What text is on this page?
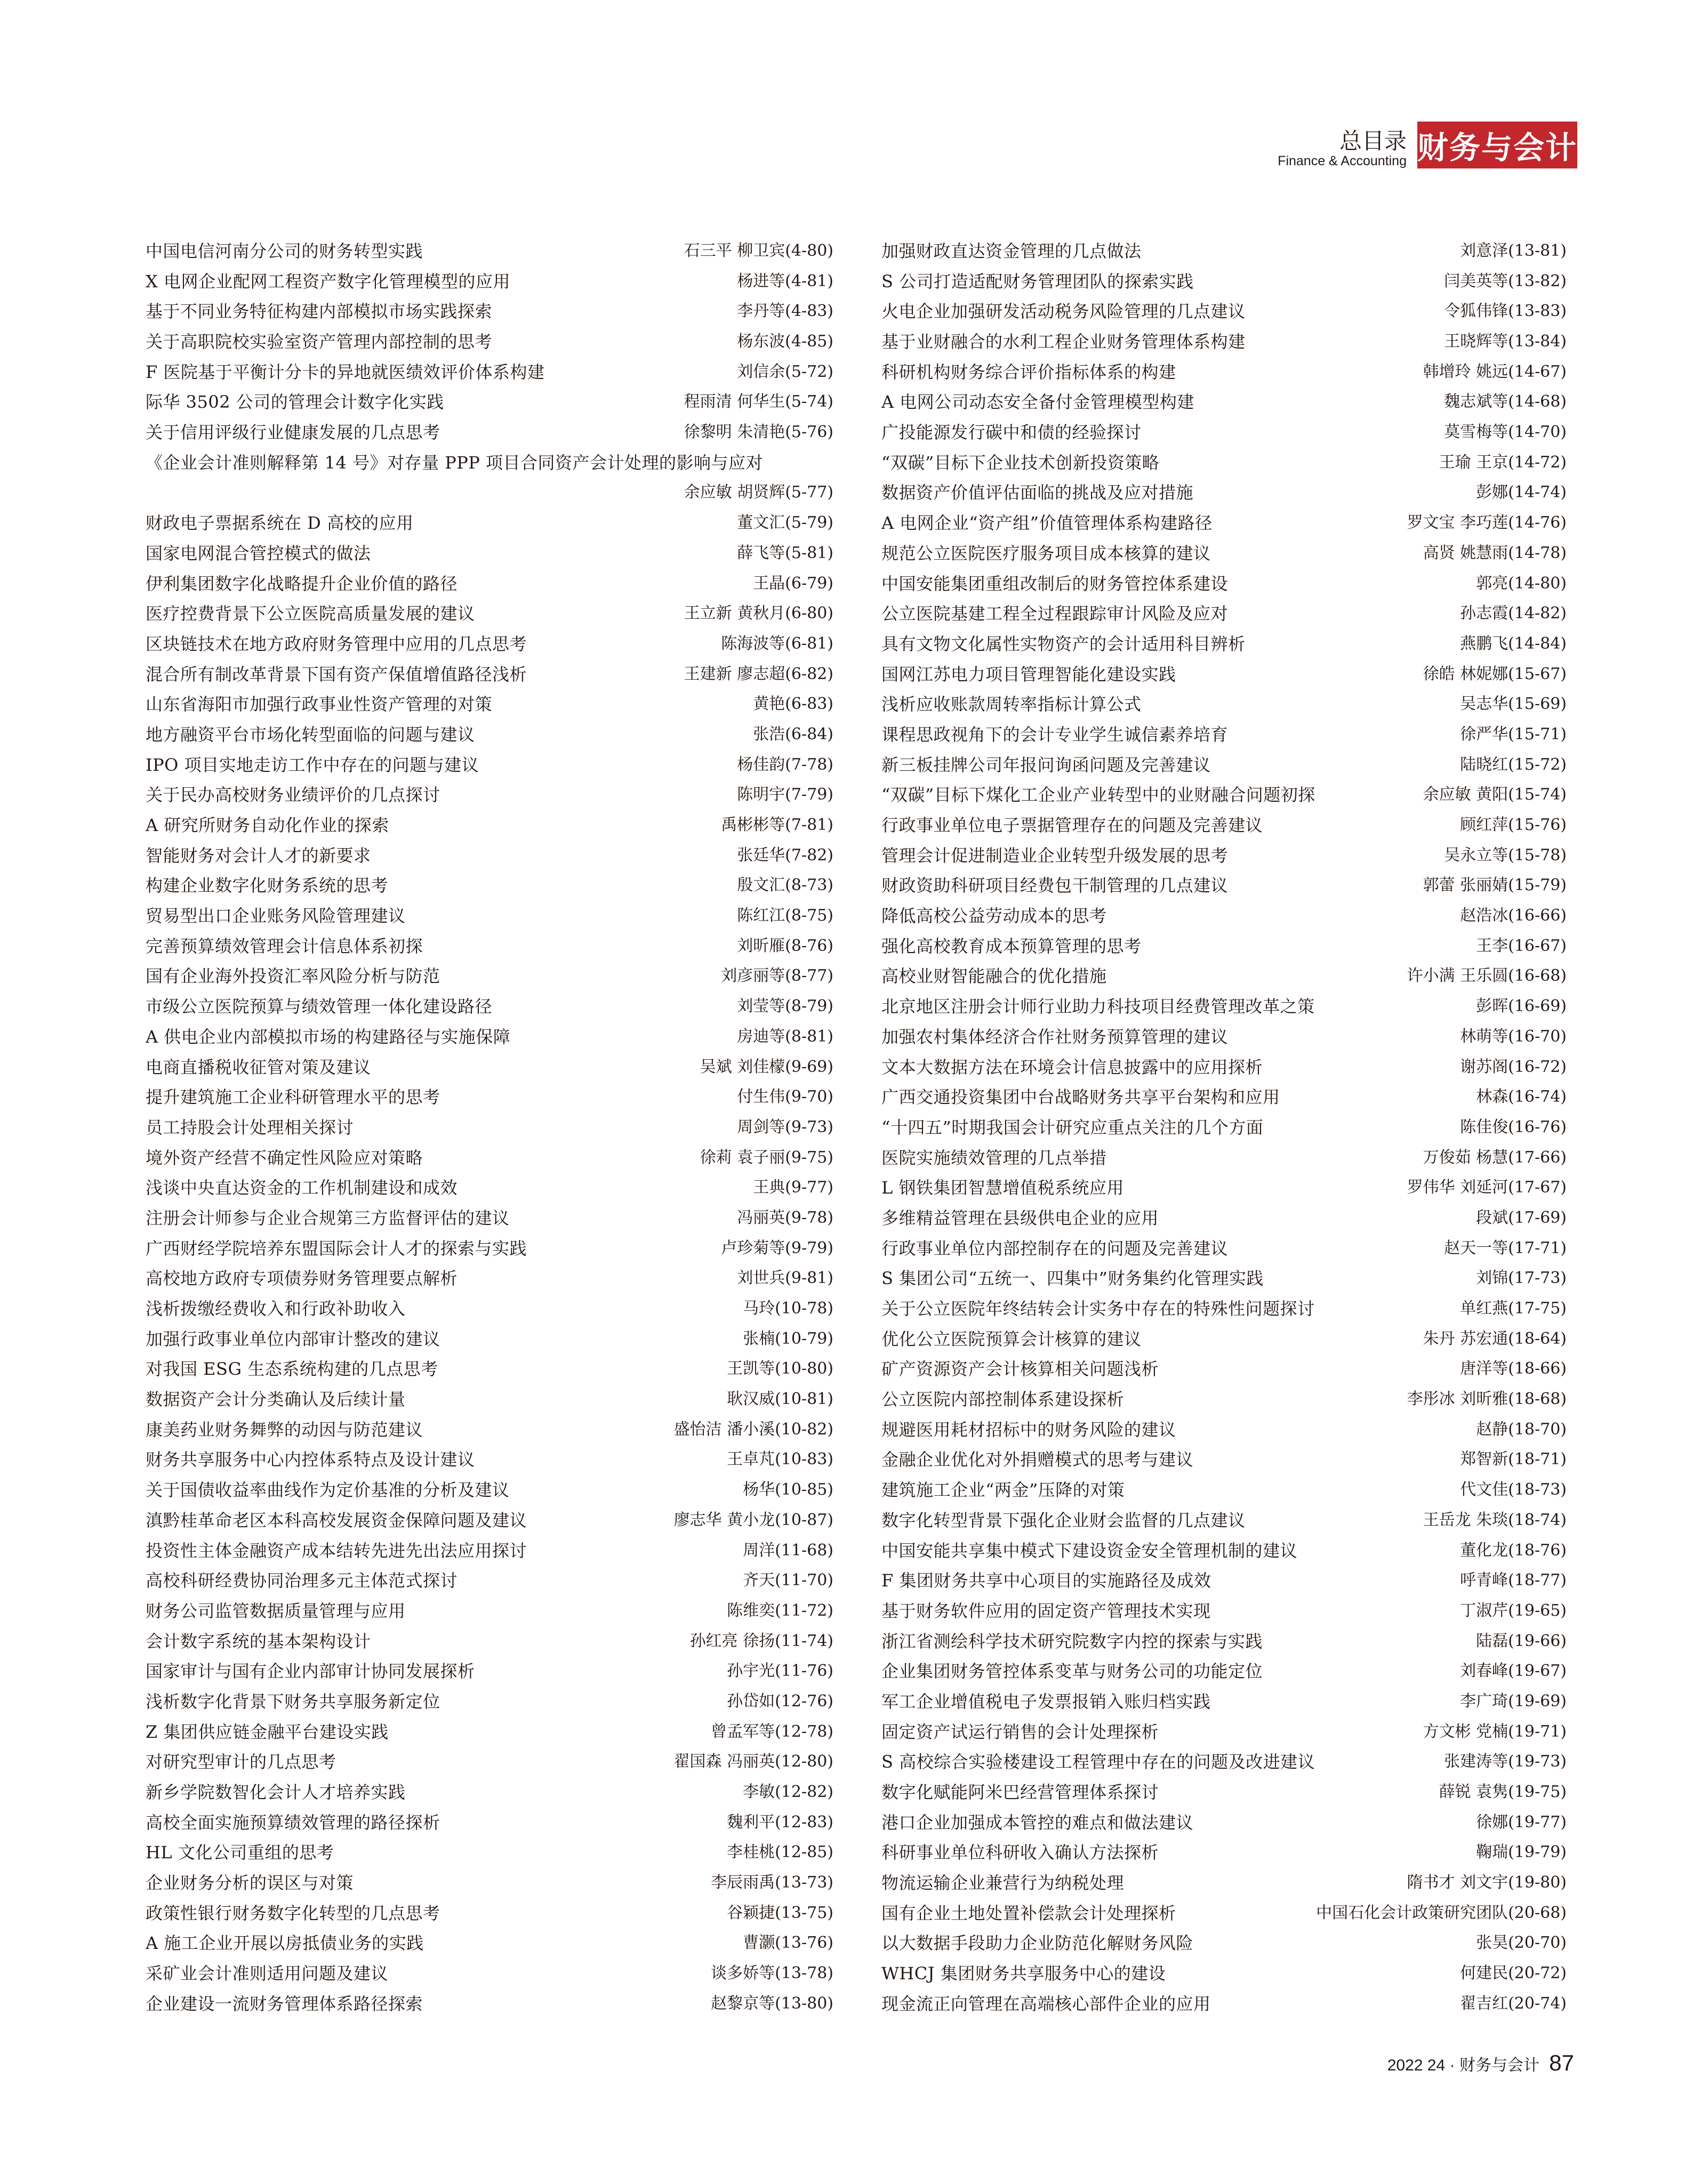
总目录
Finance & Accounting 财务与会计
中国电信河南分公司的财务转型实践	石三平 柳卫宾(4-80)
X 电网企业配网工程资产数字化管理模型的应用	杨进等(4-81)
基于不同业务特征构建内部模拟市场实践探索	李丹等(4-83)
关于高职院校实验室资产管理内部控制的思考	杨东波(4-85)
F 医院基于平衡计分卡的异地就医绩效评价体系构建	刘信余(5-72)
际华 3502 公司的管理会计数字化实践	程雨清 何华生(5-74)
关于信用评级行业健康发展的几点思考	徐黎明 朱清艳(5-76)
《企业会计准则解释第 14 号》对存量 PPP 项目合同资产会计处理的影响与应对
余应敏 胡贤辉(5-77)
财政电子票据系统在 D 高校的应用	董文汇(5-79)
国家电网混合管控模式的做法	薛飞等(5-81)
伊利集团数字化战略提升企业价值的路径	王晶(6-79)
医疗控费背景下公立医院高质量发展的建议	王立新 黄秋月(6-80)
区块链技术在地方政府财务管理中应用的几点思考	陈海波等(6-81)
混合所有制改革背景下国有资产保值增值路径浅析	王建新 廖志超(6-82)
山东省海阳市加强行政事业性资产管理的对策	黄艳(6-83)
地方融资平台市场化转型面临的问题与建议	张浩(6-84)
IPO 项目实地走访工作中存在的问题与建议	杨佳韵(7-78)
关于民办高校财务业绩评价的几点探讨	陈明宇(7-79)
A 研究所财务自动化作业的探索	禹彬彬等(7-81)
智能财务对会计人才的新要求	张廷华(7-82)
构建企业数字化财务系统的思考	殷文汇(8-73)
贸易型出口企业账务风险管理建议	陈红江(8-75)
完善预算绩效管理会计信息体系初探	刘昕雁(8-76)
国有企业海外投资汇率风险分析与防范	刘彦丽等(8-77)
市级公立医院预算与绩效管理一体化建设路径	刘莹等(8-79)
A 供电企业内部模拟市场的构建路径与实施保障	房迪等(8-81)
电商直播税收征管对策及建议	吴斌 刘佳檬(9-69)
提升建筑施工企业科研管理水平的思考	付生伟(9-70)
员工持股会计处理相关探讨	周剑等(9-73)
境外资产经营不确定性风险应对策略	徐莉 袁子丽(9-75)
浅谈中央直达资金的工作机制建设和成效	王典(9-77)
注册会计师参与企业合规第三方监督评估的建议	冯丽英(9-78)
广西财经学院培养东盟国际会计人才的探索与实践	卢珍菊等(9-79)
高校地方政府专项债券财务管理要点解析	刘世兵(9-81)
浅析拨缴经费收入和行政补助收入	马玲(10-78)
加强行政事业单位内部审计整改的建议	张楠(10-79)
对我国 ESG 生态系统构建的几点思考	王凯等(10-80)
数据资产会计分类确认及后续计量	耿汉威(10-81)
康美药业财务舞弊的动因与防范建议	盛怡洁 潘小溪(10-82)
财务共享服务中心内控体系特点及设计建议	王卓芃(10-83)
关于国债收益率曲线作为定价基准的分析及建议	杨华(10-85)
滇黔桂革命老区本科高校发展资金保障问题及建议	廖志华 黄小龙(10-87)
投资性主体金融资产成本结转先进先出法应用探讨	周洋(11-68)
高校科研经费协同治理多元主体范式探讨	齐天(11-70)
财务公司监管数据质量管理与应用	陈维奕(11-72)
会计数字系统的基本架构设计	孙红亮 徐扬(11-74)
国家审计与国有企业内部审计协同发展探析	孙宇光(11-76)
浅析数字化背景下财务共享服务新定位	孙岱如(12-76)
Z 集团供应链金融平台建设实践	曾孟军等(12-78)
对研究型审计的几点思考	翟国森 冯丽英(12-80)
新乡学院数智化会计人才培养实践	李敏(12-82)
高校全面实施预算绩效管理的路径探析	魏利平(12-83)
HL 文化公司重组的思考	李桂桃(12-85)
企业财务分析的误区与对策	李辰雨禹(13-73)
政策性银行财务数字化转型的几点思考	谷颖捷(13-75)
A 施工企业开展以房抵债业务的实践	曹灏(13-76)
采矿业会计准则适用问题及建议	谈多娇等(13-78)
企业建设一流财务管理体系路径探索	赵黎京等(13-80)
加强财政直达资金管理的几点做法	刘意泽(13-81)
S 公司打造适配财务管理团队的探索实践	闫美英等(13-82)
火电企业加强研发活动税务风险管理的几点建议	令狐伟锋(13-83)
基于业财融合的水利工程企业财务管理体系构建	王晓辉等(13-84)
科研机构财务综合评价指标体系的构建	韩增玲 姚远(14-67)
A 电网公司动态安全备付金管理模型构建	魏志斌等(14-68)
广投能源发行碳中和债的经验探讨	莫雪梅等(14-70)
“双碳”目标下企业技术创新投资策略	王瑜 王京(14-72)
数据资产价值评估面临的挑战及应对措施	彭娜(14-74)
A 电网企业“资产组”价值管理体系构建路径	罗文宝 李巧莲(14-76)
规范公立医院医疗服务项目成本核算的建议	高贤 姚慧雨(14-78)
中国安能集团重组改制后的财务管控体系建设	郭亮(14-80)
公立医院基建工程全过程跟踪审计风险及应对	孙志霞(14-82)
具有文物文化属性实物资产的会计适用科目辨析	燕鹏飞(14-84)
国网江苏电力项目管理智能化建设实践	徐皓 林妮娜(15-67)
浅析应收账款周转率指标计算公式	吴志华(15-69)
课程思政视角下的会计专业学生诚信素养培育	徐严华(15-71)
新三板挂牌公司年报问询函问题及完善建议	陆晓红(15-72)
“双碳”目标下煤化工企业产业转型中的业财融合问题初探	余应敏 黄阳(15-74)
行政事业单位电子票据管理存在的问题及完善建议	顾红萍(15-76)
管理会计促进制造业企业转型升级发展的思考	吴永立等(15-78)
财政资助科研项目经费包干制管理的几点建议	郭蕾 张丽婧(15-79)
降低高校公益劳动成本的思考	赵浩冰(16-66)
强化高校教育成本预算管理的思考	王李(16-67)
高校业财智能融合的优化措施	许小满 王乐圆(16-68)
北京地区注册会计师行业助力科技项目经费管理改革之策	彭晖(16-69)
加强农村集体经济合作社财务预算管理的建议	林萌等(16-70)
文本大数据方法在环境会计信息披露中的应用探析	谢苏阁(16-72)
广西交通投资集团中台战略财务共享平台架构和应用	林森(16-74)
“十四五”时期我国会计研究应重点关注的几个方面	陈佳俊(16-76)
医院实施绩效管理的几点举措	万俊茹 杨慧(17-66)
L 钢铁集团智慧增值税系统应用	罗伟华 刘延河(17-67)
多维精益管理在县级供电企业的应用	段斌(17-69)
行政事业单位内部控制存在的问题及完善建议	赵天一等(17-71)
S 集团公司“五统一、四集中”财务集约化管理实践	刘锦(17-73)
关于公立医院年终结转会计实务中存在的特殊性问题探讨	单红燕(17-75)
优化公立医院预算会计核算的建议	朱丹 苏宏通(18-64)
矿产资源资产会计核算相关问题浅析	唐洋等(18-66)
公立医院内部控制体系建设探析	李彤冰 刘昕雅(18-68)
规避医用耗材招标中的财务风险的建议	赵静(18-70)
金融企业优化对外捐赠模式的思考与建议	郑智新(18-71)
建筑施工企业“两金”压降的对策	代文佳(18-73)
数字化转型背景下强化企业财会监督的几点建议	王岳龙 朱琰(18-74)
中国安能共享集中模式下建设资金安全管理机制的建议	董化龙(18-76)
F 集团财务共享中心项目的实施路径及成效	呼青峰(18-77)
基于财务软件应用的固定资产管理技术实现	丁淑芹(19-65)
浙江省测绘科学技术研究院数字内控的探索与实践	陆磊(19-66)
企业集团财务管控体系变革与财务公司的功能定位	刘春峰(19-67)
军工企业增值税电子发票报销入账归档实践	李广琦(19-69)
固定资产试运行销售的会计处理探析	方文彬 党楠(19-71)
S 高校综合实验楼建设工程管理中存在的问题及改进建议	张建涛等(19-73)
数字化赋能阿米巴经营管理体系探讨	薛锐 袁隽(19-75)
港口企业加强成本管控的难点和做法建议	徐娜(19-77)
科研事业单位科研收入确认方法探析	鞠瑞(19-79)
物流运输企业兼营行为纳税处理	隋书才 刘文宇(19-80)
国有企业土地处置补偿款会计处理探析	中国石化会计政策研究团队(20-68)
以大数据手段助力企业防范化解财务风险	张昊(20-70)
WHCJ 集团财务共享服务中心的建设	何建民(20-72)
现金流正向管理在高端核心部件企业的应用	翟吉红(20-74)
2022 24 · 财务与会计 87
